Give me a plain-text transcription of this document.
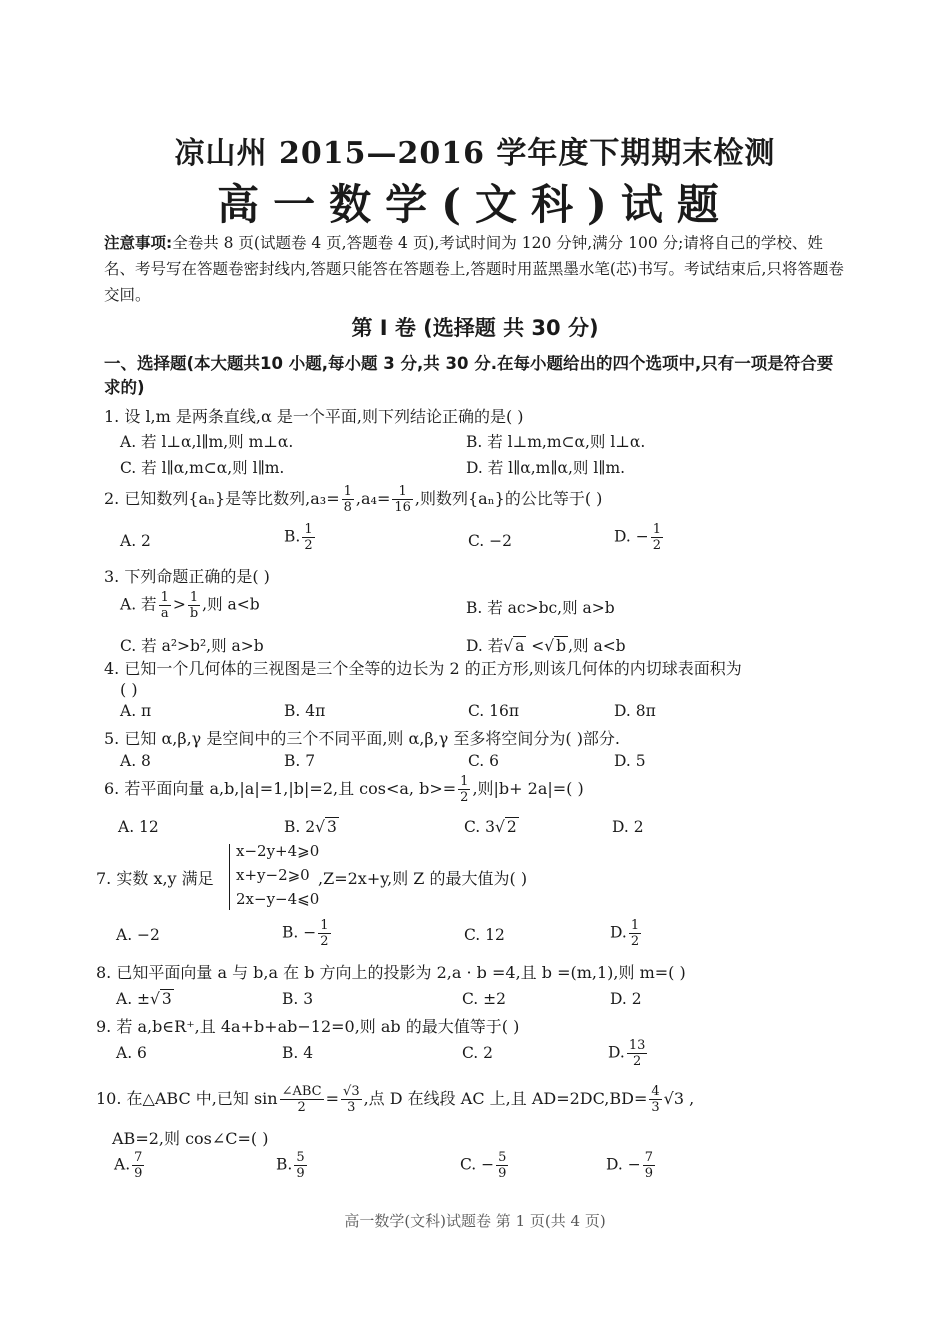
凉山州 2015—2016 学年度下期期末检测
高一数学(文科)试题
注意事项:全卷共 8 页(试题卷 4 页,答题卷 4 页),考试时间为 120 分钟,满分 100 分;请将自己的学校、姓名、考号写在答题卷密封线内,答题只能答在答题卷上,答题时用蓝黑墨水笔(芯)书写。考试结束后,只将答题卷交回。
第 I 卷 (选择题 共 30 分)
一、选择题(本大题共10 小题,每小题 3 分,共 30 分.在每小题给出的四个选项中,只有一项是符合要求的)
1. 设 l,m 是两条直线,α 是一个平面,则下列结论正确的是( )
A. 若 l⊥α,l∥m,则 m⊥α.	B. 若 l⊥m,m⊂α,则 l⊥α.
C. 若 l∥α,m⊂α,则 l∥m.	D. 若 l∥α,m∥α,则 l∥m.
2. 已知数列{aₙ}是等比数列$,a_3= \frac{1}{8} ,a_4= \frac{1}{16}$ ,则数列{aₙ}的公比等于( )
A. 2	B. $\frac{1}{2}$	C. −2	D. − $\frac{1}{2}$
3. 下列命题正确的是( )
A. 若 $\frac{1}{a} > \frac{1}{b}$ ,则 a<b	B. 若 ac>bc,则 a>b
C. 若 a²>b²,则 a>b	D. 若√ a <√ b ,则 a<b
4. 已知一个几何体的三视图是三个全等的边长为 2 的正方形,则该几何体的内切球表面积为
( )
A. π	B. 4π	C. 16π	D. 8π
5. 已知 α,β,γ 是空间中的三个不同平面,则 α,β,γ 至多将空间分为( )部分.
A. 8	B. 7	C. 6	D. 5
6. 若平面向量 a,b,|a|=1,|b|=2,且 cos<a, $b>= \frac{1}{2}$ ,则|b+ 2a|=( )
A. 12	B. 2√ 3	C. 3√ 2	D. 2
7. 实数 x,y 满足
x−2y+4⩾0
x+y−2⩾0
2x−y−4⩽0
,Z=2x+y,则 Z 的最大值为( )
A. −2	B. − $\frac{1}{2}$	C. 12	D. $\frac{1}{2}$
8. 已知平面向量 a 与 b,a 在 b 方向上的投影为 2,a · b =4,且 b =(m,1),则 m=( )
A. ±√ 3	B. 3	C. ±2	D. 2
9. 若 a,b∈R⁺,且 4a+b+ab−12=0,则 ab 的最大值等于( )
A. 6	B. 4	C. 2	D. $\frac{13}{2}$
10. 在△ABC 中,已知 $\sin \frac{\text{∠ABC}}{2} = \frac{√3}{3}$ ,点 D 在线段 AC 上,且 $AD=2DC,BD= \frac{4}{3} √3$ ,
AB=2,则 cos∠C=( )
A. $\frac{7}{9}$	B. $\frac{5}{9}$	C. − $\frac{5}{9}$	D. − $\frac{7}{9}$
高一数学(文科)试题卷 第 1 页(共 4 页)
